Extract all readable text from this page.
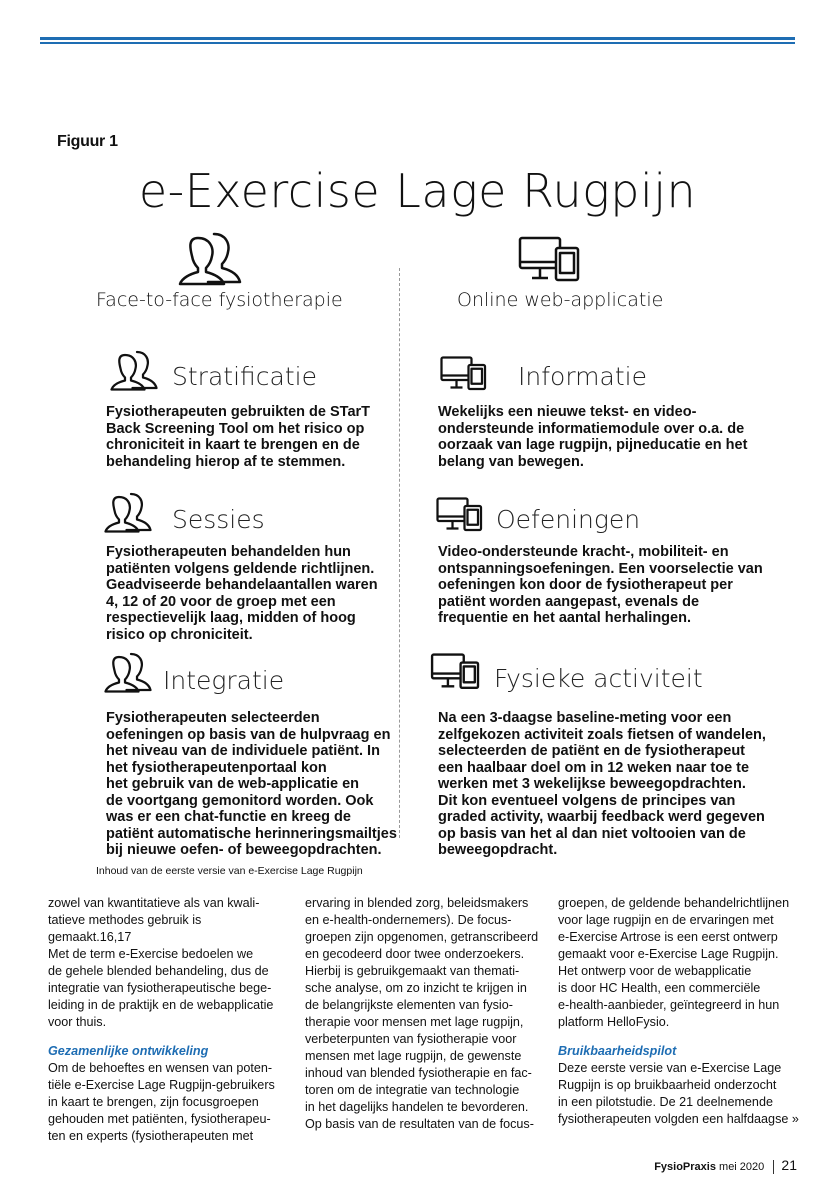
Figuur 1
e-Exercise Lage Rugpijn
Face-to-face fysiotherapie	Online web-applicatie
Stratificatie
Fysiotherapeuten gebruikten de STarT
Back Screening Tool om het risico op
chroniciteit in kaart te brengen en de
behandeling hierop af te stemmen.
Sessies
Fysiotherapeuten behandelden hun
patiënten volgens geldende richtlijnen.
Geadviseerde behandelaantallen waren
4, 12 of 20 voor de groep met een
respectievelijk laag, midden of hoog
risico op chroniciteit.
Integratie
Fysiotherapeuten selecteerden
oefeningen op basis van de hulpvraag en
het niveau van de individuele patiënt. In
het fysiotherapeutenportaal kon
het gebruik van de web-applicatie en
de voortgang gemonitord worden. Ook
was er een chat-functie en kreeg de
patiënt automatische herinneringsmailtjes
bij nieuwe oefen- of beweegopdrachten.
Informatie
Wekelijks een nieuwe tekst- en video-
ondersteunde informatiemodule over o.a. de
oorzaak van lage rugpijn, pijneducatie en het
belang van bewegen.
Oefeningen
Video-ondersteunde kracht-, mobiliteit- en
ontspanningsoefeningen. Een voorselectie van
oefeningen kon door de fysiotherapeut per
patiënt worden aangepast, evenals de
frequentie en het aantal herhalingen.
Fysieke activiteit
Na een 3-daagse baseline-meting voor een
zelfgekozen activiteit zoals fietsen of wandelen,
selecteerden de patiënt en de fysiotherapeut
een haalbaar doel om in 12 weken naar toe te
werken met 3 wekelijkse beweegopdrachten.
Dit kon eventueel volgens de principes van
graded activity, waarbij feedback werd gegeven
op basis van het al dan niet voltooien van de
beweegopdracht.
Inhoud van de eerste versie van e-Exercise Lage Rugpijn

zowel van kwantitatieve als van kwali-

tatieve methodes gebruik is gemaakt.16,17

Met de term e-Exercise bedoelen we

de gehele blended behandeling, dus de

integratie van fysiotherapeutische bege-

leiding in de praktijk en de webapplicatie

voor thuis.

Gezamenlijke ontwikkeling

Om de behoeftes en wensen van poten-

tiële e-Exercise Lage Rugpijn-gebruikers

in kaart te brengen, zijn focusgroepen

gehouden met patiënten, fysiotherapeu-

ten en experts (fysiotherapeuten met

ervaring in blended zorg, beleidsmakers

en e-health-ondernemers). De focus-

groepen zijn opgenomen, getranscribeerd

en gecodeerd door twee onderzoekers.

Hierbij is gebruikgemaakt van themati-

sche analyse, om zo inzicht te krijgen in

de belangrijkste elementen van fysio-

therapie voor mensen met lage rugpijn,

verbeterpunten van fysiotherapie voor

mensen met lage rugpijn, de gewenste

inhoud van blended fysiotherapie en fac-

toren om de integratie van technologie

in het dagelijks handelen te bevorderen.

Op basis van de resultaten van de focus-

groepen, de geldende behandelrichtlijnen

voor lage rugpijn en de ervaringen met

e-Exercise Artrose is een eerst ontwerp

gemaakt voor e-Exercise Lage Rugpijn.

Het ontwerp voor de webapplicatie

is door HC Health, een commerciële

e-health-aanbieder, geïntegreerd in hun

platform HelloFysio.

Bruikbaarheidspilot

Deze eerste versie van e-Exercise Lage

Rugpijn is op bruikbaarheid onderzocht

in een pilotstudie. De 21 deelnemende

fysiotherapeuten volgden een halfdaagse »

FysioPraxis mei 2020 21
